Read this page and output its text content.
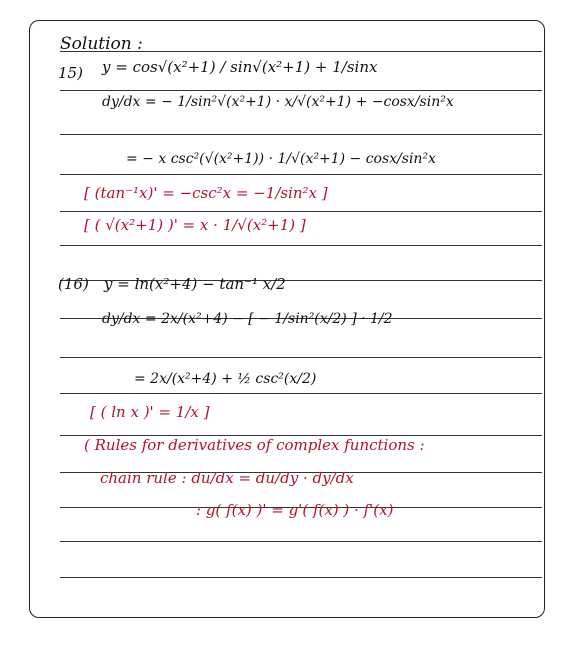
Solution :
15) y = cos√(x²+1) / sin√(x²+1) + 1/sinx
dy/dx = − 1/sin²√(x²+1) · x/√(x²+1) + −cosx/sin²x
= − x csc²(√(x²+1)) · 1/√(x²+1) − cosx/sin²x
[ (tan⁻¹x)' = −csc²x = −1/sin²x ]
[ ( √(x²+1) )' = x · 1/√(x²+1) ]
(16) y = ln(x²+4) − tan⁻¹ x/2
dy/dx = 2x/(x²+4) − [ − 1/sin²(x/2) ] · 1/2
= 2x/(x²+4) + ½ csc²(x/2)
[ ( ln x )' = 1/x ]
( Rules for derivatives of complex functions :
chain rule : du/dx = du/dy · dy/dx
: g( f(x) )' = g'( f(x) ) · f'(x)
